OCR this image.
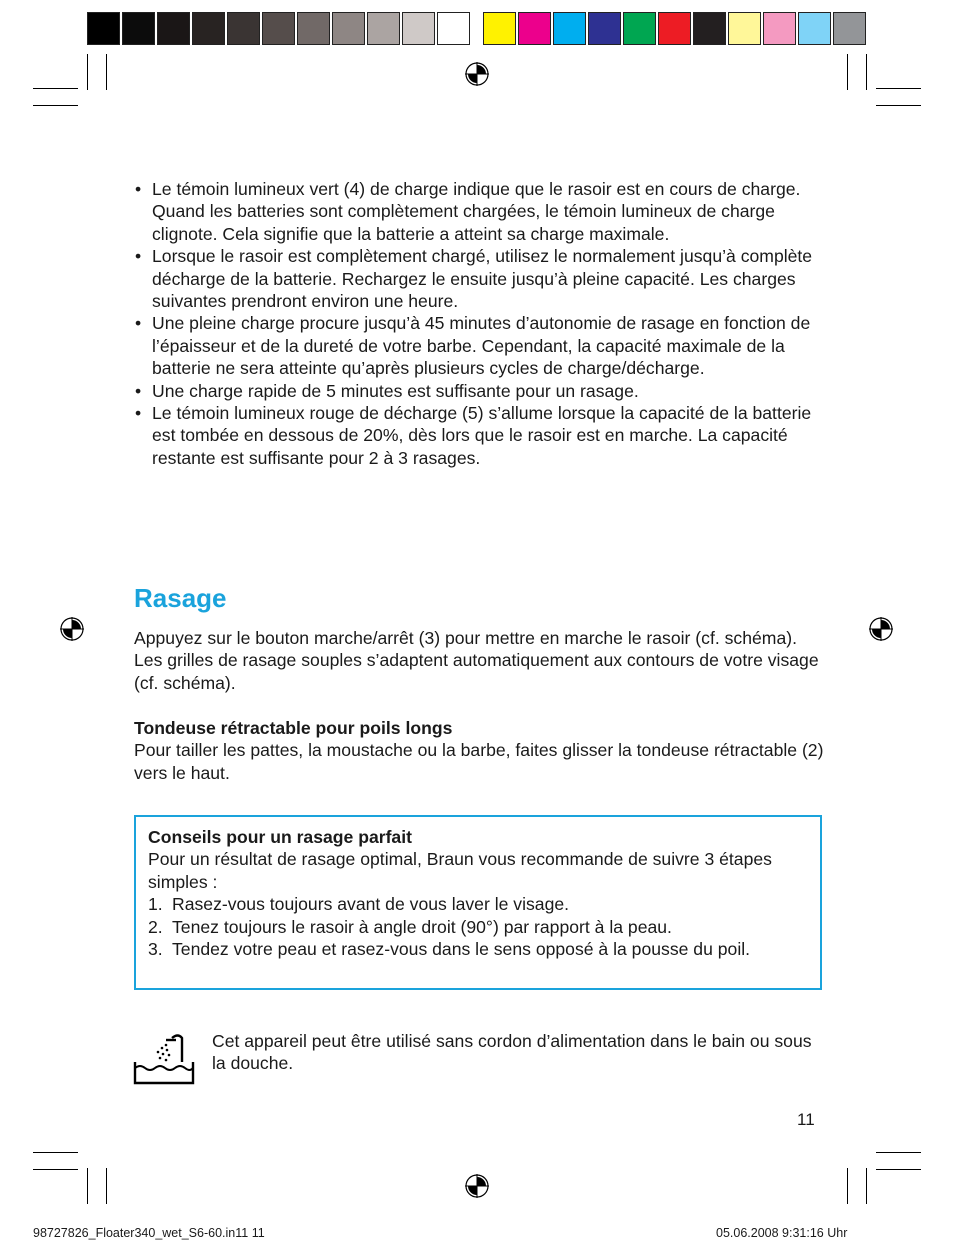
• Le témoin lumineux vert (4) de charge indique que le rasoir est en cours de charge. Quand les batteries sont complètement chargées, le témoin lumineux de charge clignote. Cela signifie que la batterie a atteint sa charge maximale.
• Lorsque le rasoir est complètement chargé, utilisez le normalement jusqu’à complète décharge de la batterie. Rechargez le ensuite jusqu’à pleine capacité. Les charges suivantes prendront environ une heure.
• Une pleine charge procure jusqu’à 45 minutes d’autonomie de rasage en fonction de l’épaisseur et de la dureté de votre barbe. Cependant, la capacité maximale de la batterie ne sera atteinte qu’après plusieurs cycles de charge/décharge.
• Une charge rapide de 5 minutes est suffisante pour un rasage.
• Le témoin lumineux rouge de décharge (5) s’allume lorsque la capacité de la batterie est tombée en dessous de 20%, dès lors que le rasoir est en marche. La capacité restante est suffisante pour 2 à 3 rasages.
Rasage

Appuyez sur le bouton marche/arrêt (3) pour mettre en marche le rasoir (cf. schéma). Les grilles de rasage souples s’adaptent automatiquement aux contours de votre visage (cf. schéma).

Tondeuse rétractable pour poils longs
Pour tailler les pattes, la moustache ou la barbe, faites glisser la tondeuse rétractable (2) vers le haut.
Conseils pour un rasage parfait
Pour un résultat de rasage optimal, Braun vous recommande de suivre 3 étapes simples :
1. Rasez-vous toujours avant de vous laver le visage.
2. Tenez toujours le rasoir à angle droit (90°) par rapport à la peau.
3. Tendez votre peau et rasez-vous dans le sens opposé à la pousse du poil.

Cet appareil peut être utilisé sans cordon d’alimentation dans le bain ou sous la douche.

11
98727826_Floater340_wet_S6-60.in11 11	05.06.2008 9:31:16 Uhr
